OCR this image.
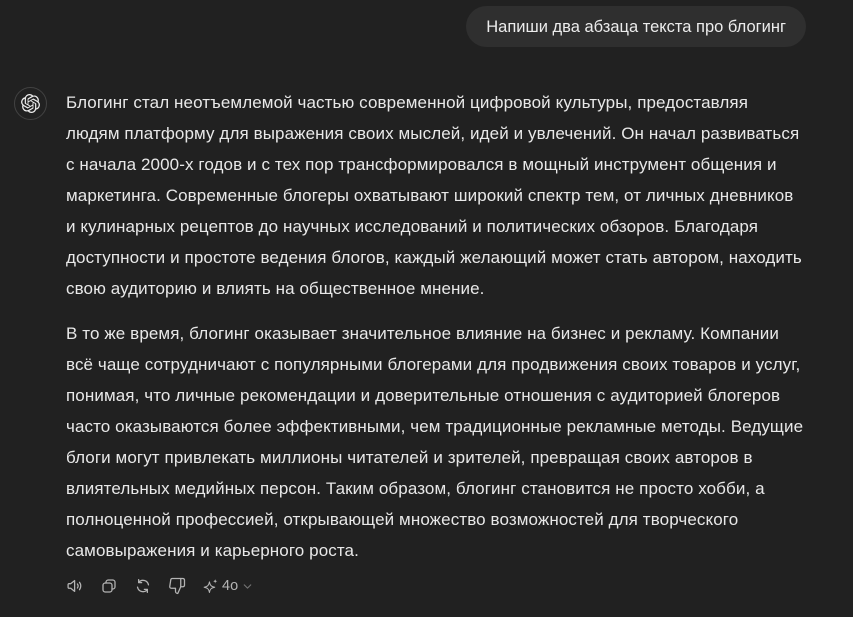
Напиши два абзаца текста про блогинг

Блогинг стал неотъемлемой частью современной цифровой культуры, предоставляя людям платформу для выражения своих мыслей, идей и увлечений. Он начал развиваться с начала 2000-х годов и с тех пор трансформировался в мощный инструмент общения и маркетинга. Современные блогеры охватывают широкий спектр тем, от личных дневников и кулинарных рецептов до научных исследований и политических обзоров. Благодаря доступности и простоте ведения блогов, каждый желающий может стать автором, находить свою аудиторию и влиять на общественное мнение.

В то же время, блогинг оказывает значительное влияние на бизнес и рекламу. Компании всё чаще сотрудничают с популярными блогерами для продвижения своих товаров и услуг, понимая, что личные рекомендации и доверительные отношения с аудиторией блогеров часто оказываются более эффективными, чем традиционные рекламные методы. Ведущие блоги могут привлекать миллионы читателей и зрителей, превращая своих авторов в влиятельных медийных персон. Таким образом, блогинг становится не просто хобби, а полноценной профессией, открывающей множество возможностей для творческого самовыражения и карьерного роста.

4o
